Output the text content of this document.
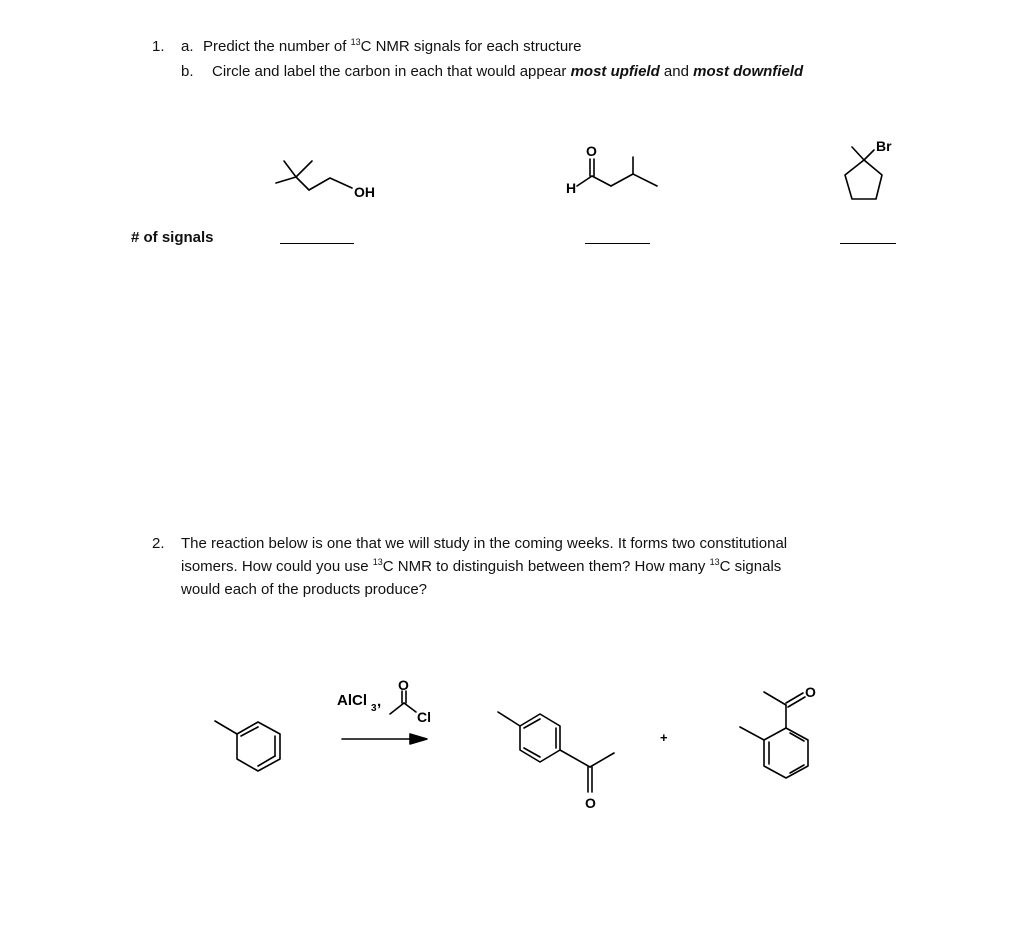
1. a. Predict the number of $^{13}$C NMR signals for each structure
b. Circle and label the carbon in each that would appear most upfield and most downfield
OH
O
H
Br
# of signals
2. The reaction below is one that we will study in the coming weeks. It forms two constitutional
isomers. How could you use $^{13}$C NMR to distinguish between them? How many $^{13}$C signals
would each of the products produce?
AlCl 3 ,
O
Cl
O
+
O
